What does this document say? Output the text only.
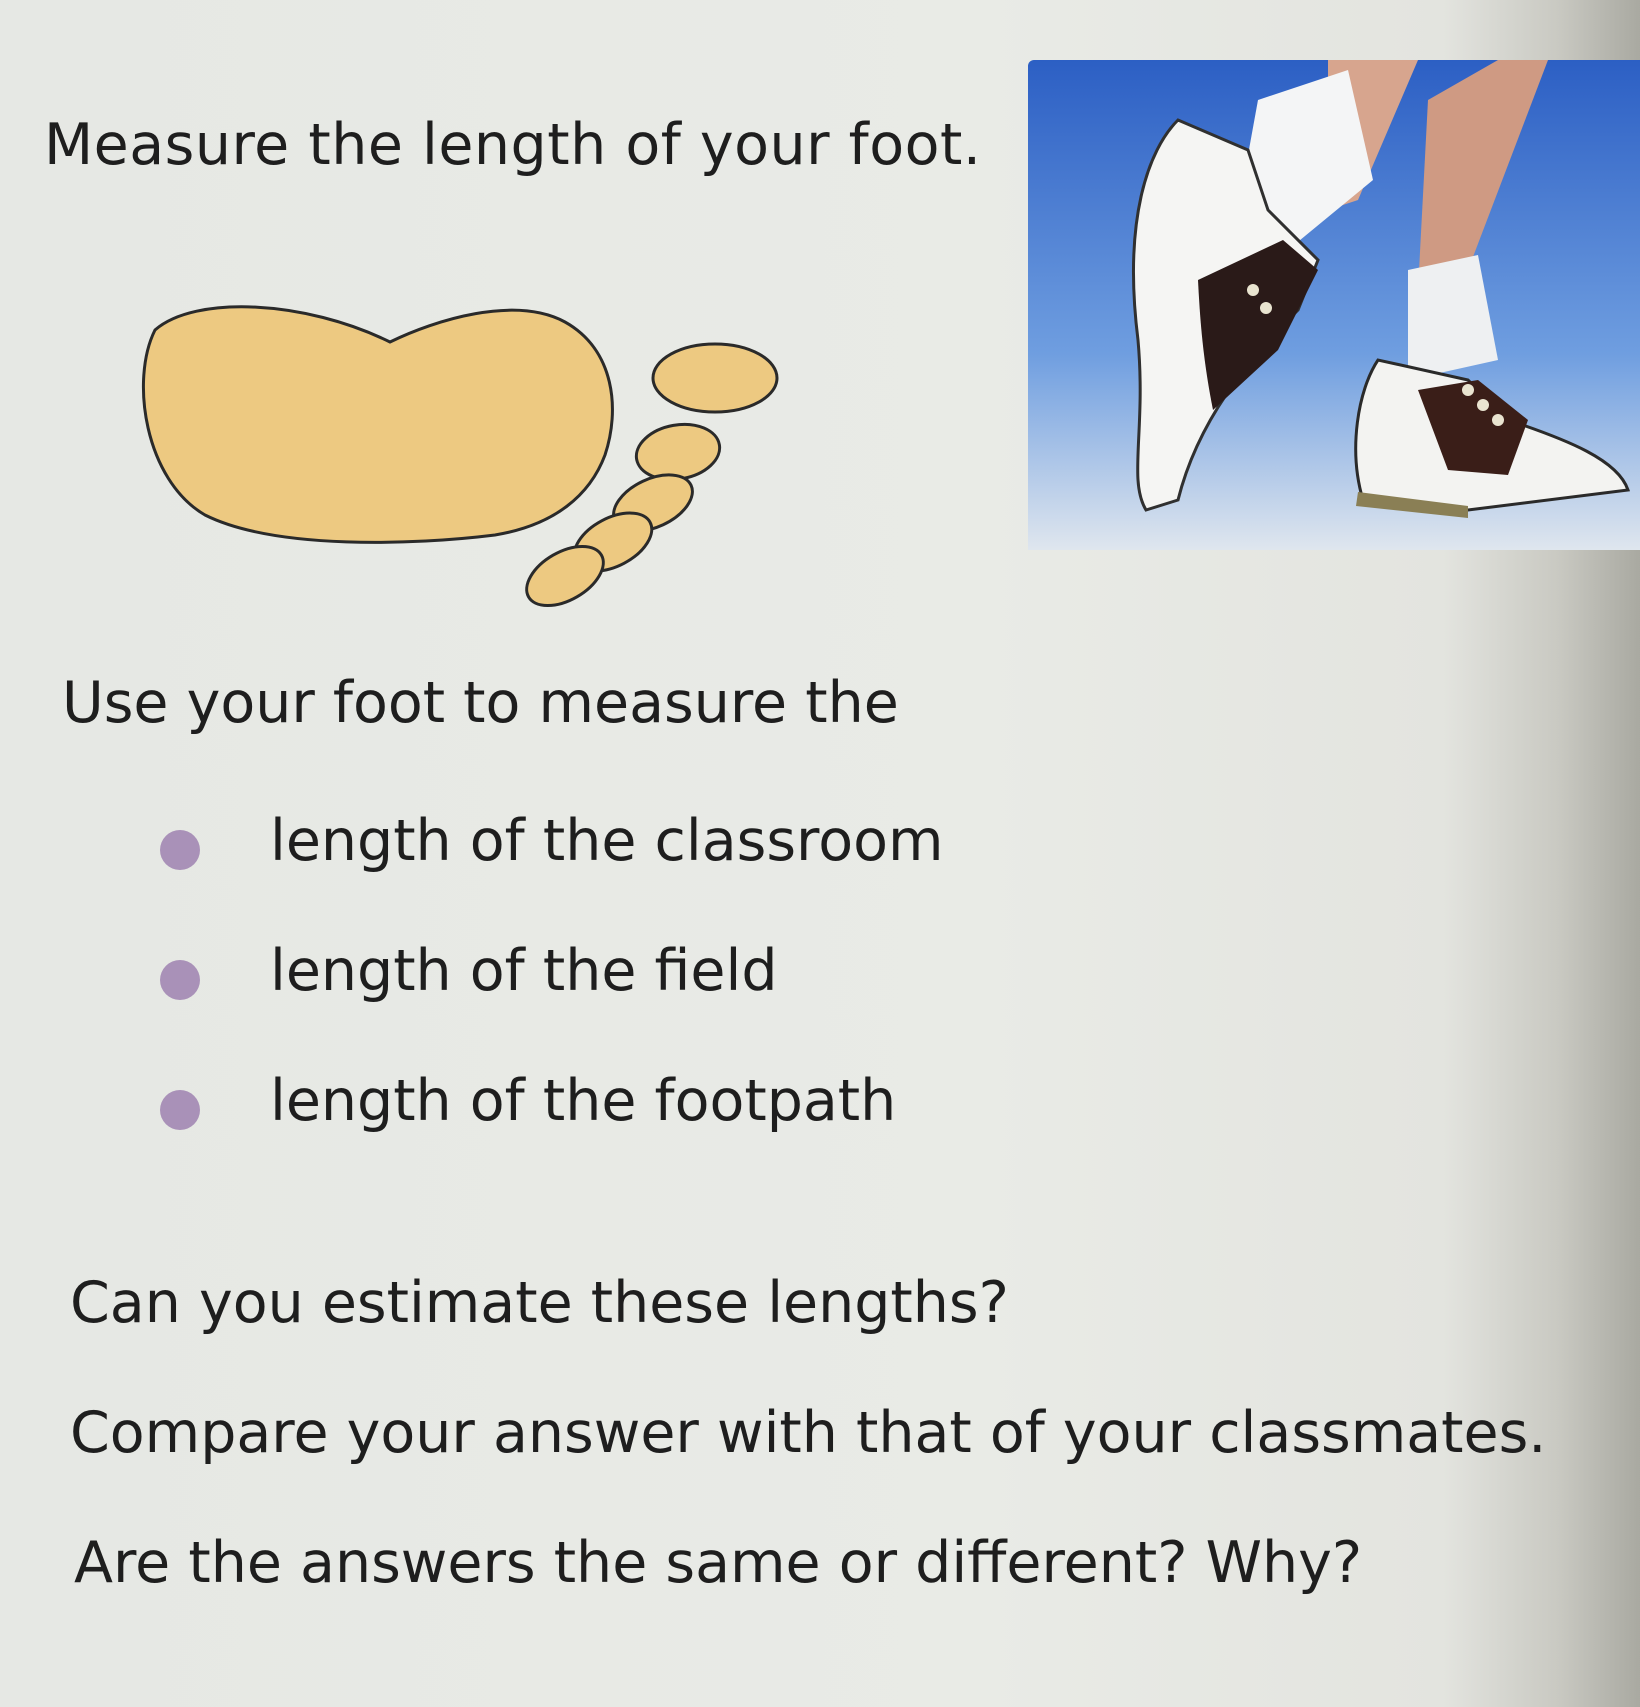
Measure the length of your foot.
Use your foot to measure the
length of the classroom
length of the field
length of the footpath
Can you estimate these lengths?
Compare your answer with that of your classmates.
Are the answers the same or different? Why?
